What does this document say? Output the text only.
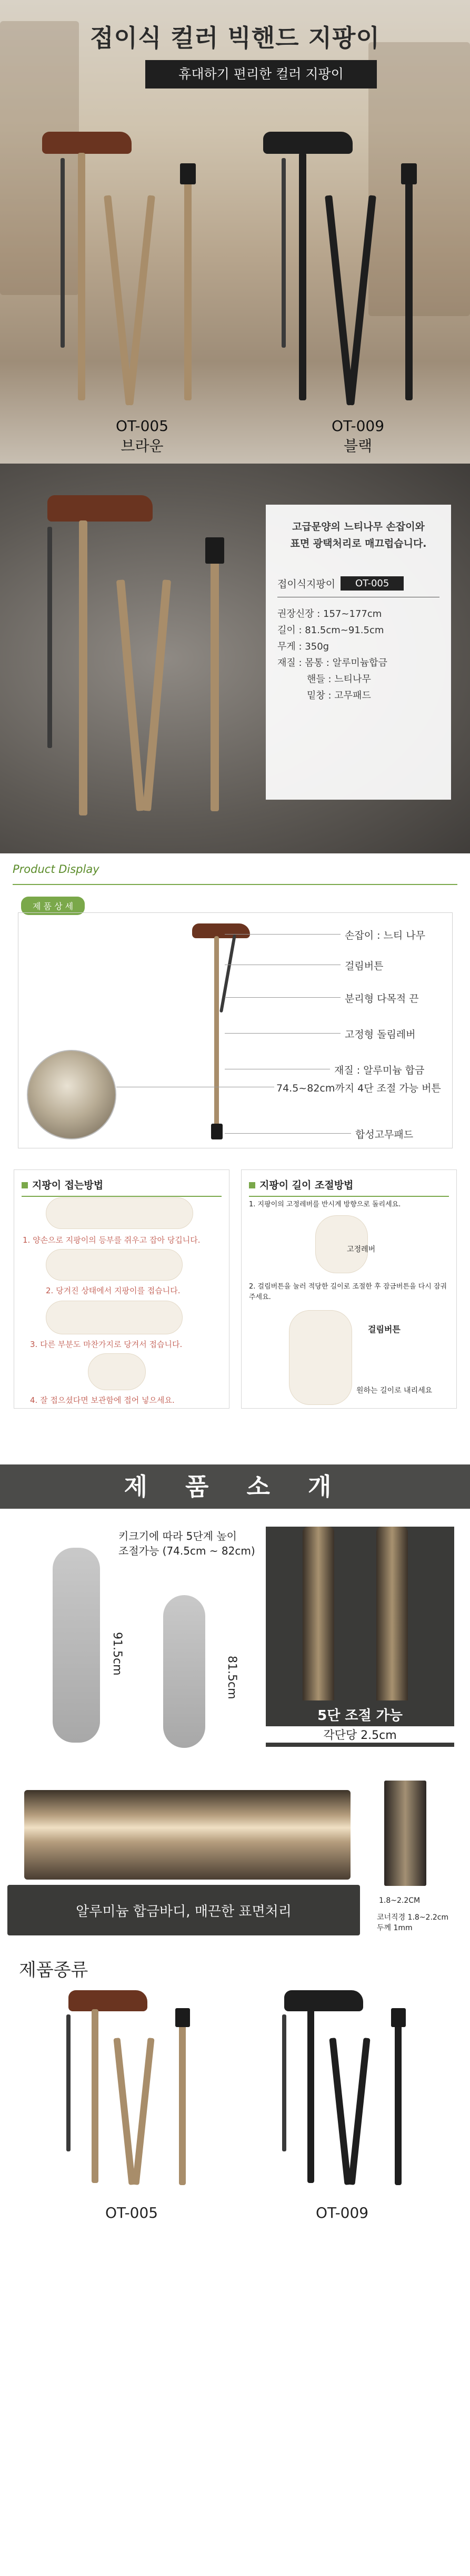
접이식 컬러 빅핸드 지팡이
휴대하기 편리한 컬러 지팡이
OT-005
브라운
OT-009
블랙
고급문양의 느티나무 손잡이와
표면 광택처리로 매끄럽습니다.
접이식지팡이	OT-005
권장신장 : 157~177cm
길이 : 81.5cm~91.5cm
무게 : 350g
재질 : 몸통 : 알루미늄합금
핸들 : 느티나무
밑창 : 고무패드
Product Display
제 품 상 세
손잡이 : 느티 나무
걸림버튼
분리형 다목적 끈
고정형 돌림레버
재질 : 알루미늄 합금
74.5~82cm까지 4단 조절 가능 버튼
합성고무패드
지팡이 접는방법
1. 양손으로 지팡이의 등부를 쥐우고 잡아 당깁니다.
2. 당겨진 상태에서 지팡이를 접습니다.
3. 다른 부분도 마찬가지로 당겨서 접습니다.
4. 잘 접으셨다면 보관함에 접어 넣으세요.
지팡이 길이 조절방법
1. 지팡이의 고정레버를 반시계 방향으로 돌리세요.
고정레버
2. 걸림버튼을 눌러 적당한 길이로 조절한 후 잠금버튼을 다시 잠궈 주세요.
걸림버튼
원하는 길이로 내리세요
제 품 소 개
키크기에 따라 5단계 높이
조절가능 (74.5cm ~ 82cm)
91.5cm
81.5cm
5단 조절 가능
각단당 2.5cm
알루미늄 합금바디, 매끈한 표면처리
1.8~2.2CM
코너직경 1.8~2.2cm
두께 1mm
제품종류
OT-005	OT-009
